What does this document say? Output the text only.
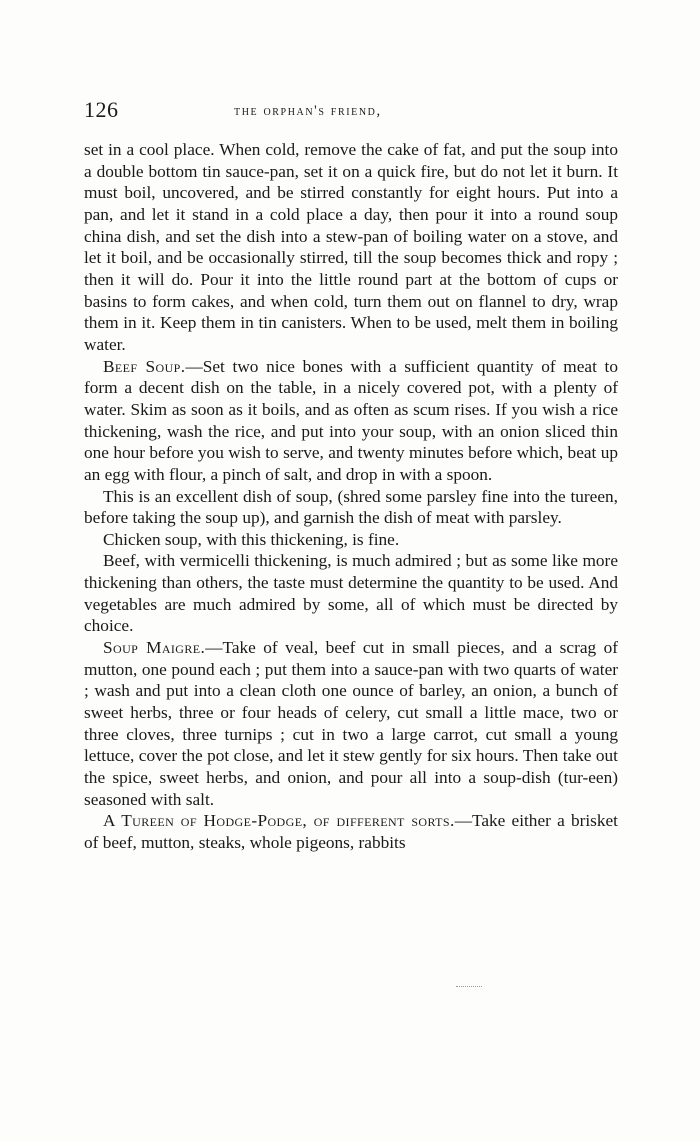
126	the orphan's friend,

set in a cool place. When cold, remove the cake of fat, and put the soup into a double bottom tin sauce-pan, set it on a quick fire, but do not let it burn. It must boil, uncovered, and be stirred constantly for eight hours. Put into a pan, and let it stand in a cold place a day, then pour it into a round soup china dish, and set the dish into a stew-pan of boiling water on a stove, and let it boil, and be occasionally stirred, till the soup becomes thick and ropy ; then it will do. Pour it into the little round part at the bottom of cups or basins to form cakes, and when cold, turn them out on flannel to dry, wrap them in it. Keep them in tin canisters. When to be used, melt them in boiling water.

Beef Soup.—Set two nice bones with a sufficient quantity of meat to form a decent dish on the table, in a nicely covered pot, with a plenty of water. Skim as soon as it boils, and as often as scum rises. If you wish a rice thickening, wash the rice, and put into your soup, with an onion sliced thin one hour before you wish to serve, and twenty minutes before which, beat up an egg with flour, a pinch of salt, and drop in with a spoon.

This is an excellent dish of soup, (shred some parsley fine into the tureen, before taking the soup up), and garnish the dish of meat with parsley.

Chicken soup, with this thickening, is fine.

Beef, with vermicelli thickening, is much admired ; but as some like more thickening than others, the taste must determine the quantity to be used. And vegetables are much admired by some, all of which must be directed by choice.

Soup Maigre.—Take of veal, beef cut in small pieces, and a scrag of mutton, one pound each ; put them into a sauce-pan with two quarts of water ; wash and put into a clean cloth one ounce of barley, an onion, a bunch of sweet herbs, three or four heads of celery, cut small a little mace, two or three cloves, three turnips ; cut in two a large carrot, cut small a young lettuce, cover the pot close, and let it stew gently for six hours. Then take out the spice, sweet herbs, and onion, and pour all into a soup-dish (tur-een) seasoned with salt.

A Tureen of Hodge-Podge, of different sorts.—Take either a brisket of beef, mutton, steaks, whole pigeons, rabbits
